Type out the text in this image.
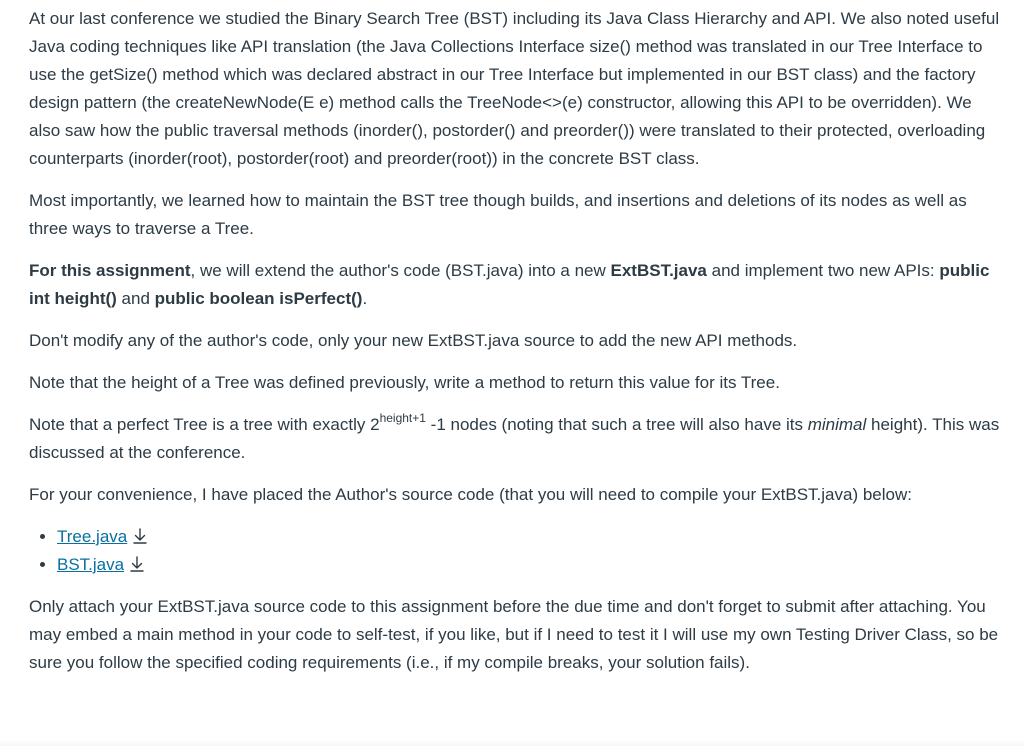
At our last conference we studied the Binary Search Tree (BST) including its Java Class Hierarchy and API. We also noted useful Java coding techniques like API translation (the Java Collections Interface size() method was translated in our Tree Interface to use the getSize() method which was declared abstract in our Tree Interface but implemented in our BST class) and the factory design pattern (the createNewNode(E e) method calls the TreeNode<>(e) constructor, allowing this API to be overridden). We also saw how the public traversal methods (inorder(), postorder() and preorder()) were translated to their protected, overloading counterparts (inorder(root), postorder(root) and preorder(root)) in the concrete BST class.

Most importantly, we learned how to maintain the BST tree though builds, and insertions and deletions of its nodes as well as three ways to traverse a Tree.

For this assignment, we will extend the author's code (BST.java) into a new ExtBST.java and implement two new APIs: public int height() and public boolean isPerfect().

Don't modify any of the author's code, only your new ExtBST.java source to add the new API methods.

Note that the height of a Tree was defined previously, write a method to return this value for its Tree.

Note that a perfect Tree is a tree with exactly $2^{height+1}$ -1 nodes (noting that such a tree will also have its minimal height). This was discussed at the conference.

For your convenience, I have placed the Author's source code (that you will need to compile your ExtBST.java) below:

• Tree.java
• BST.java

Only attach your ExtBST.java source code to this assignment before the due time and don't forget to submit after attaching. You may embed a main method in your code to self-test, if you like, but if I need to test it I will use my own Testing Driver Class, so be sure you follow the specified coding requirements (i.e., if my compile breaks, your solution fails).
